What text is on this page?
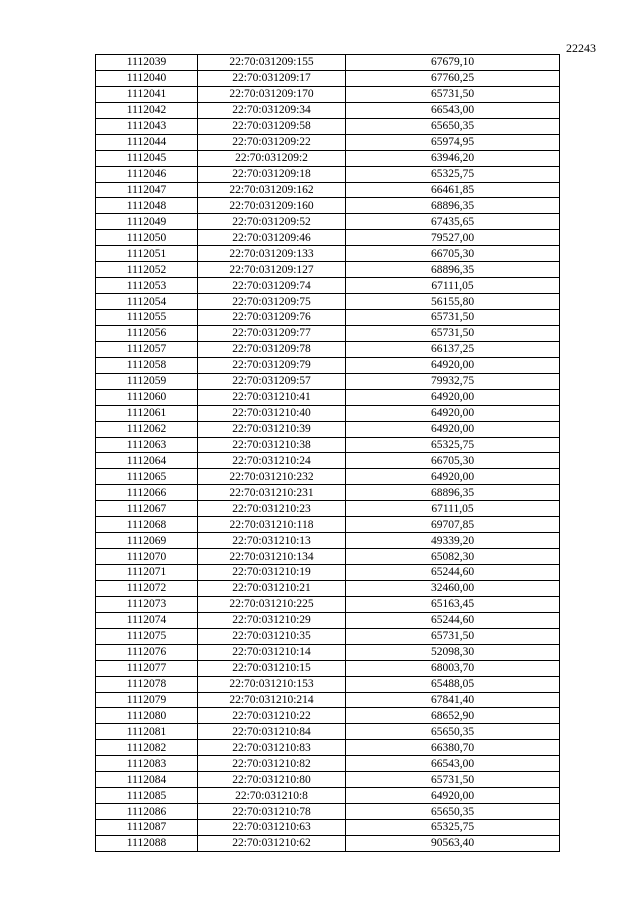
22243
1112039	22:70:031209:155	67679,10
1112040	22:70:031209:17	67760,25
1112041	22:70:031209:170	65731,50
1112042	22:70:031209:34	66543,00
1112043	22:70:031209:58	65650,35
1112044	22:70:031209:22	65974,95
1112045	22:70:031209:2	63946,20
1112046	22:70:031209:18	65325,75
1112047	22:70:031209:162	66461,85
1112048	22:70:031209:160	68896,35
1112049	22:70:031209:52	67435,65
1112050	22:70:031209:46	79527,00
1112051	22:70:031209:133	66705,30
1112052	22:70:031209:127	68896,35
1112053	22:70:031209:74	67111,05
1112054	22:70:031209:75	56155,80
1112055	22:70:031209:76	65731,50
1112056	22:70:031209:77	65731,50
1112057	22:70:031209:78	66137,25
1112058	22:70:031209:79	64920,00
1112059	22:70:031209:57	79932,75
1112060	22:70:031210:41	64920,00
1112061	22:70:031210:40	64920,00
1112062	22:70:031210:39	64920,00
1112063	22:70:031210:38	65325,75
1112064	22:70:031210:24	66705,30
1112065	22:70:031210:232	64920,00
1112066	22:70:031210:231	68896,35
1112067	22:70:031210:23	67111,05
1112068	22:70:031210:118	69707,85
1112069	22:70:031210:13	49339,20
1112070	22:70:031210:134	65082,30
1112071	22:70:031210:19	65244,60
1112072	22:70:031210:21	32460,00
1112073	22:70:031210:225	65163,45
1112074	22:70:031210:29	65244,60
1112075	22:70:031210:35	65731,50
1112076	22:70:031210:14	52098,30
1112077	22:70:031210:15	68003,70
1112078	22:70:031210:153	65488,05
1112079	22:70:031210:214	67841,40
1112080	22:70:031210:22	68652,90
1112081	22:70:031210:84	65650,35
1112082	22:70:031210:83	66380,70
1112083	22:70:031210:82	66543,00
1112084	22:70:031210:80	65731,50
1112085	22:70:031210:8	64920,00
1112086	22:70:031210:78	65650,35
1112087	22:70:031210:63	65325,75
1112088	22:70:031210:62	90563,40
